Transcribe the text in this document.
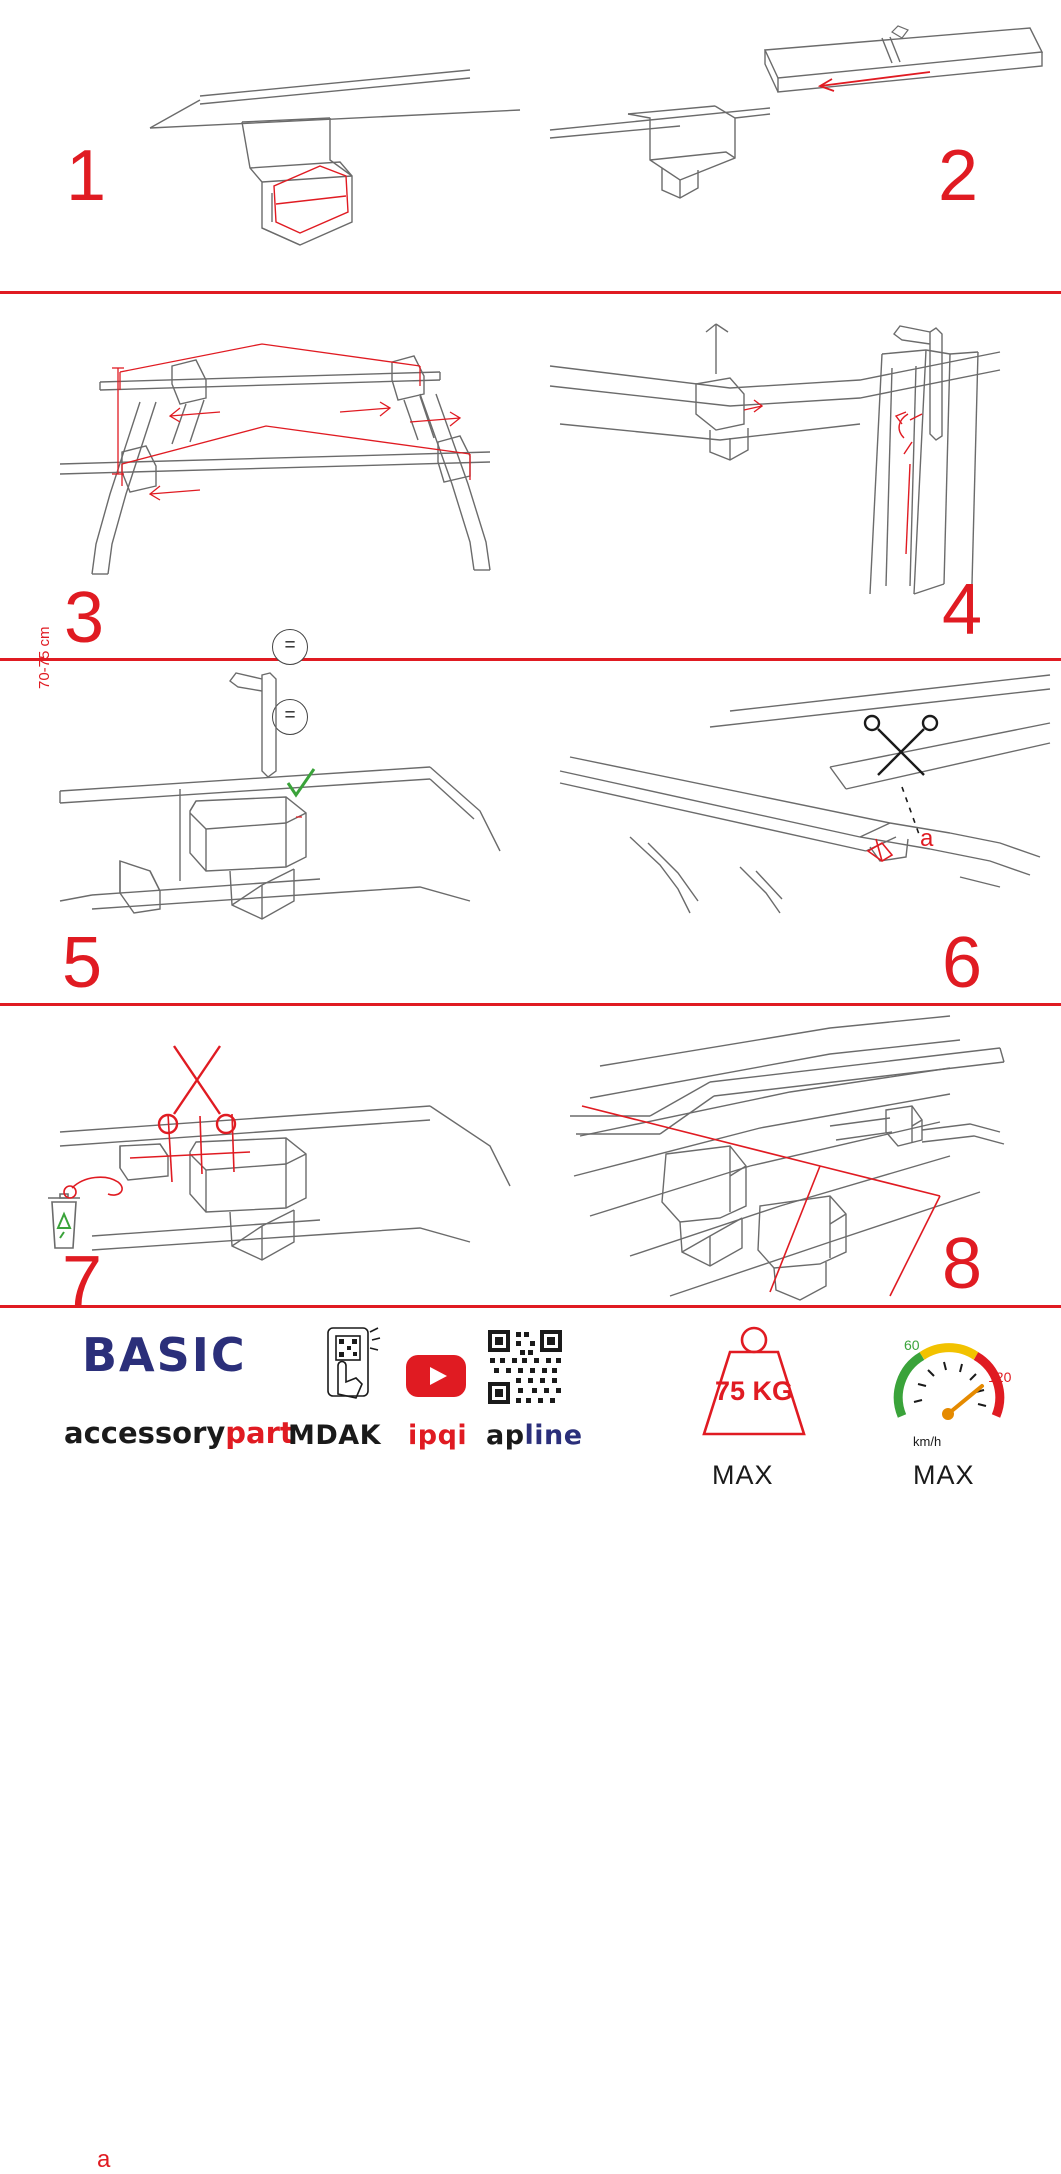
1	2
70-75 cm	=
=
3	4
5
a
6
a
7	8
BASIC
accessorypart
MDAK ipqi apline
75 KG
MAX
60
120
km/h
MAX
